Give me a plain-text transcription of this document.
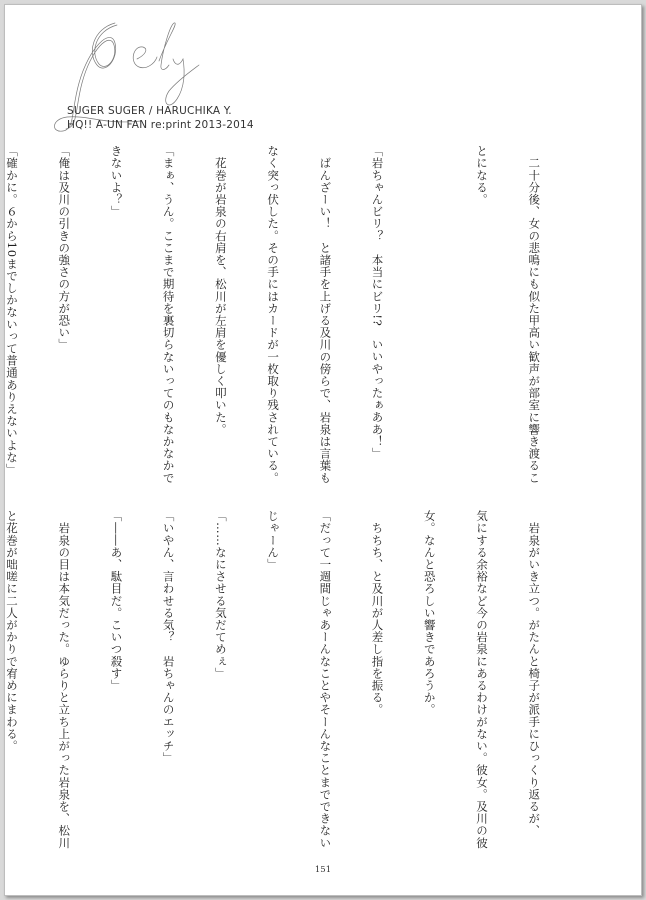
SUGER SUGER / HARUCHIKA Y.
HQ!! A-UN FAN re:print 2013-2014

　二十分後、女の悲鳴にも似た甲高い歓声が部室に響き渡るこ

とになる。

「岩ちゃんビリ？　本当にビリ!?　いいやったぁああ！」

　ばんざーい！　と諸手を上げる及川の傍らで、岩泉は言葉も

なく突っ伏した。その手にはカードが一枚取り残されている。

　花巻が岩泉の右肩を、松川が左肩を優しく叩いた。

「まぁ、うん。ここまで期待を裏切らないってのもなかなかで

きないよ？」

「俺は及川の引きの強さの方が恐い」

「確かに。６から10までしかないって普通ありえないよな」

　岩泉がいき立つ。がたんと椅子が派手にひっくり返るが、

気にする余裕など今の岩泉にあるわけがない。彼女。及川の彼

女。なんと恐ろしい響きであろうか。

　ちちち、と及川が人差し指を振る。

「だって一週間じゃあーんなことやそーんなことまでできない

じゃーん」

「……なにさせる気だてめぇ」

「いやん、言わせる気？　岩ちゃんのエッチ」

「――あ、駄目だ。こいつ殺す」

　岩泉の目は本気だった。ゆらりと立ち上がった岩泉を、松川

と花巻が咄嗟に二人がかりで宥めにまわる。

151
